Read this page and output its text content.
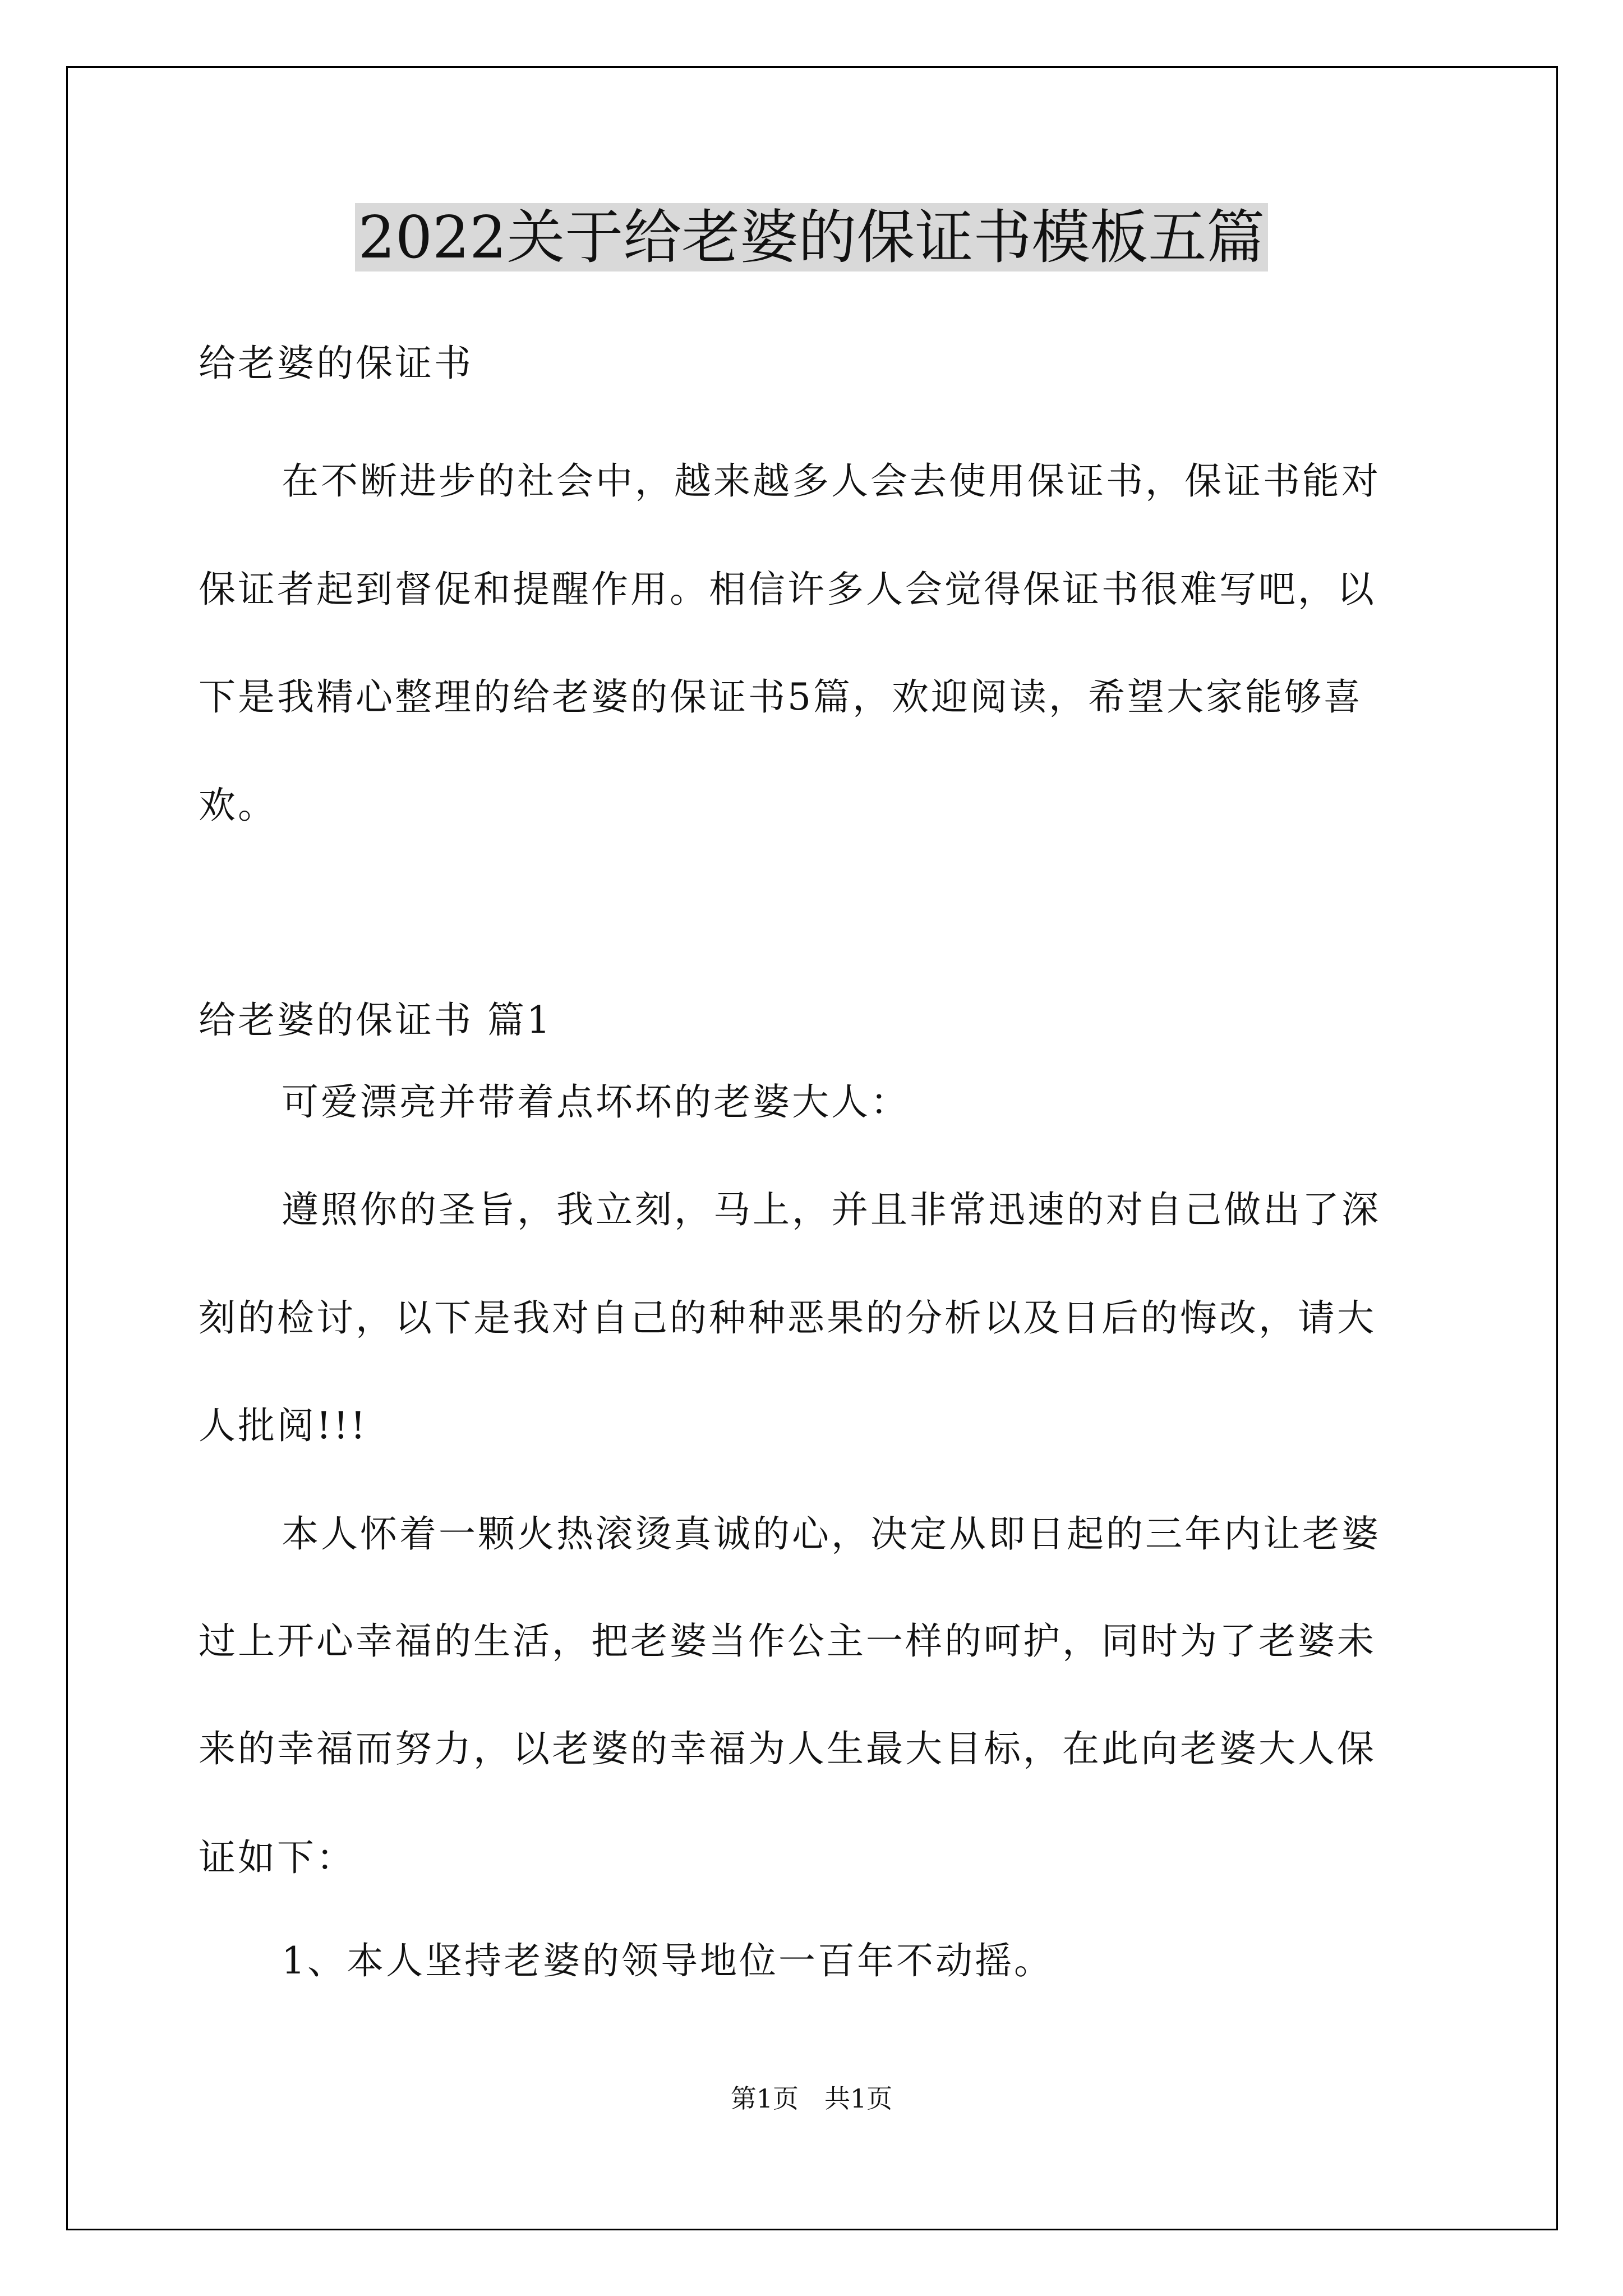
2022关于给老婆的保证书模板五篇
给老婆的保证书
在不断进步的社会中，越来越多人会去使用保证书，保证书能对
保证者起到督促和提醒作用。相信许多人会觉得保证书很难写吧，以
下是我精心整理的给老婆的保证书5篇，欢迎阅读，希望大家能够喜
欢。
给老婆的保证书 篇1
可爱漂亮并带着点坏坏的老婆大人：
遵照你的圣旨，我立刻，马上，并且非常迅速的对自己做出了深
刻的检讨，以下是我对自己的种种恶果的分析以及日后的悔改，请大
人批阅!!!
本人怀着一颗火热滚烫真诚的心，决定从即日起的三年内让老婆
过上开心幸福的生活，把老婆当作公主一样的呵护，同时为了老婆未
来的幸福而努力，以老婆的幸福为人生最大目标，在此向老婆大人保
证如下：
1、本人坚持老婆的领导地位一百年不动摇。
第1页　共1页
